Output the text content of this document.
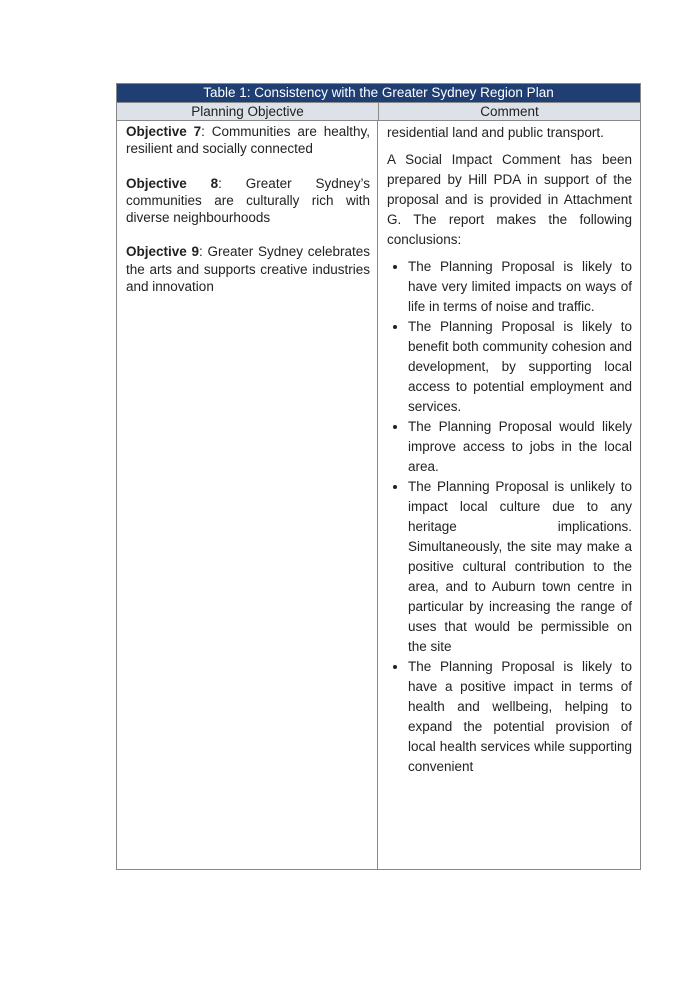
Table 1: Consistency with the Greater Sydney Region Plan
Planning Objective	Comment

Objective 7: Communities are healthy,
resilient and socially connected

Objective 8: Greater Sydney’s communities are culturally rich with diverse neighbourhoods

Objective 9: Greater Sydney celebrates the arts and supports creative industries and innovation

residential land and public transport.

A Social Impact Comment has been prepared by Hill PDA in support of the proposal and is provided in Attachment G. The report makes the following conclusions:

• The Planning Proposal is likely to have very limited impacts on ways of life in terms of noise and traffic.
• The Planning Proposal is likely to benefit both community cohesion and development, by supporting local access to potential employment and services.
• The Planning Proposal would likely improve access to jobs in the local area.
• The Planning Proposal is unlikely to impact local culture due to any heritage implications. Simultaneously, the site may make a positive cultural contribution to the area, and to Auburn town centre in particular by increasing the range of uses that would be permissible on the site
• The Planning Proposal is likely to have a positive impact in terms of health and wellbeing, helping to expand the potential provision of local health services while supporting convenient
